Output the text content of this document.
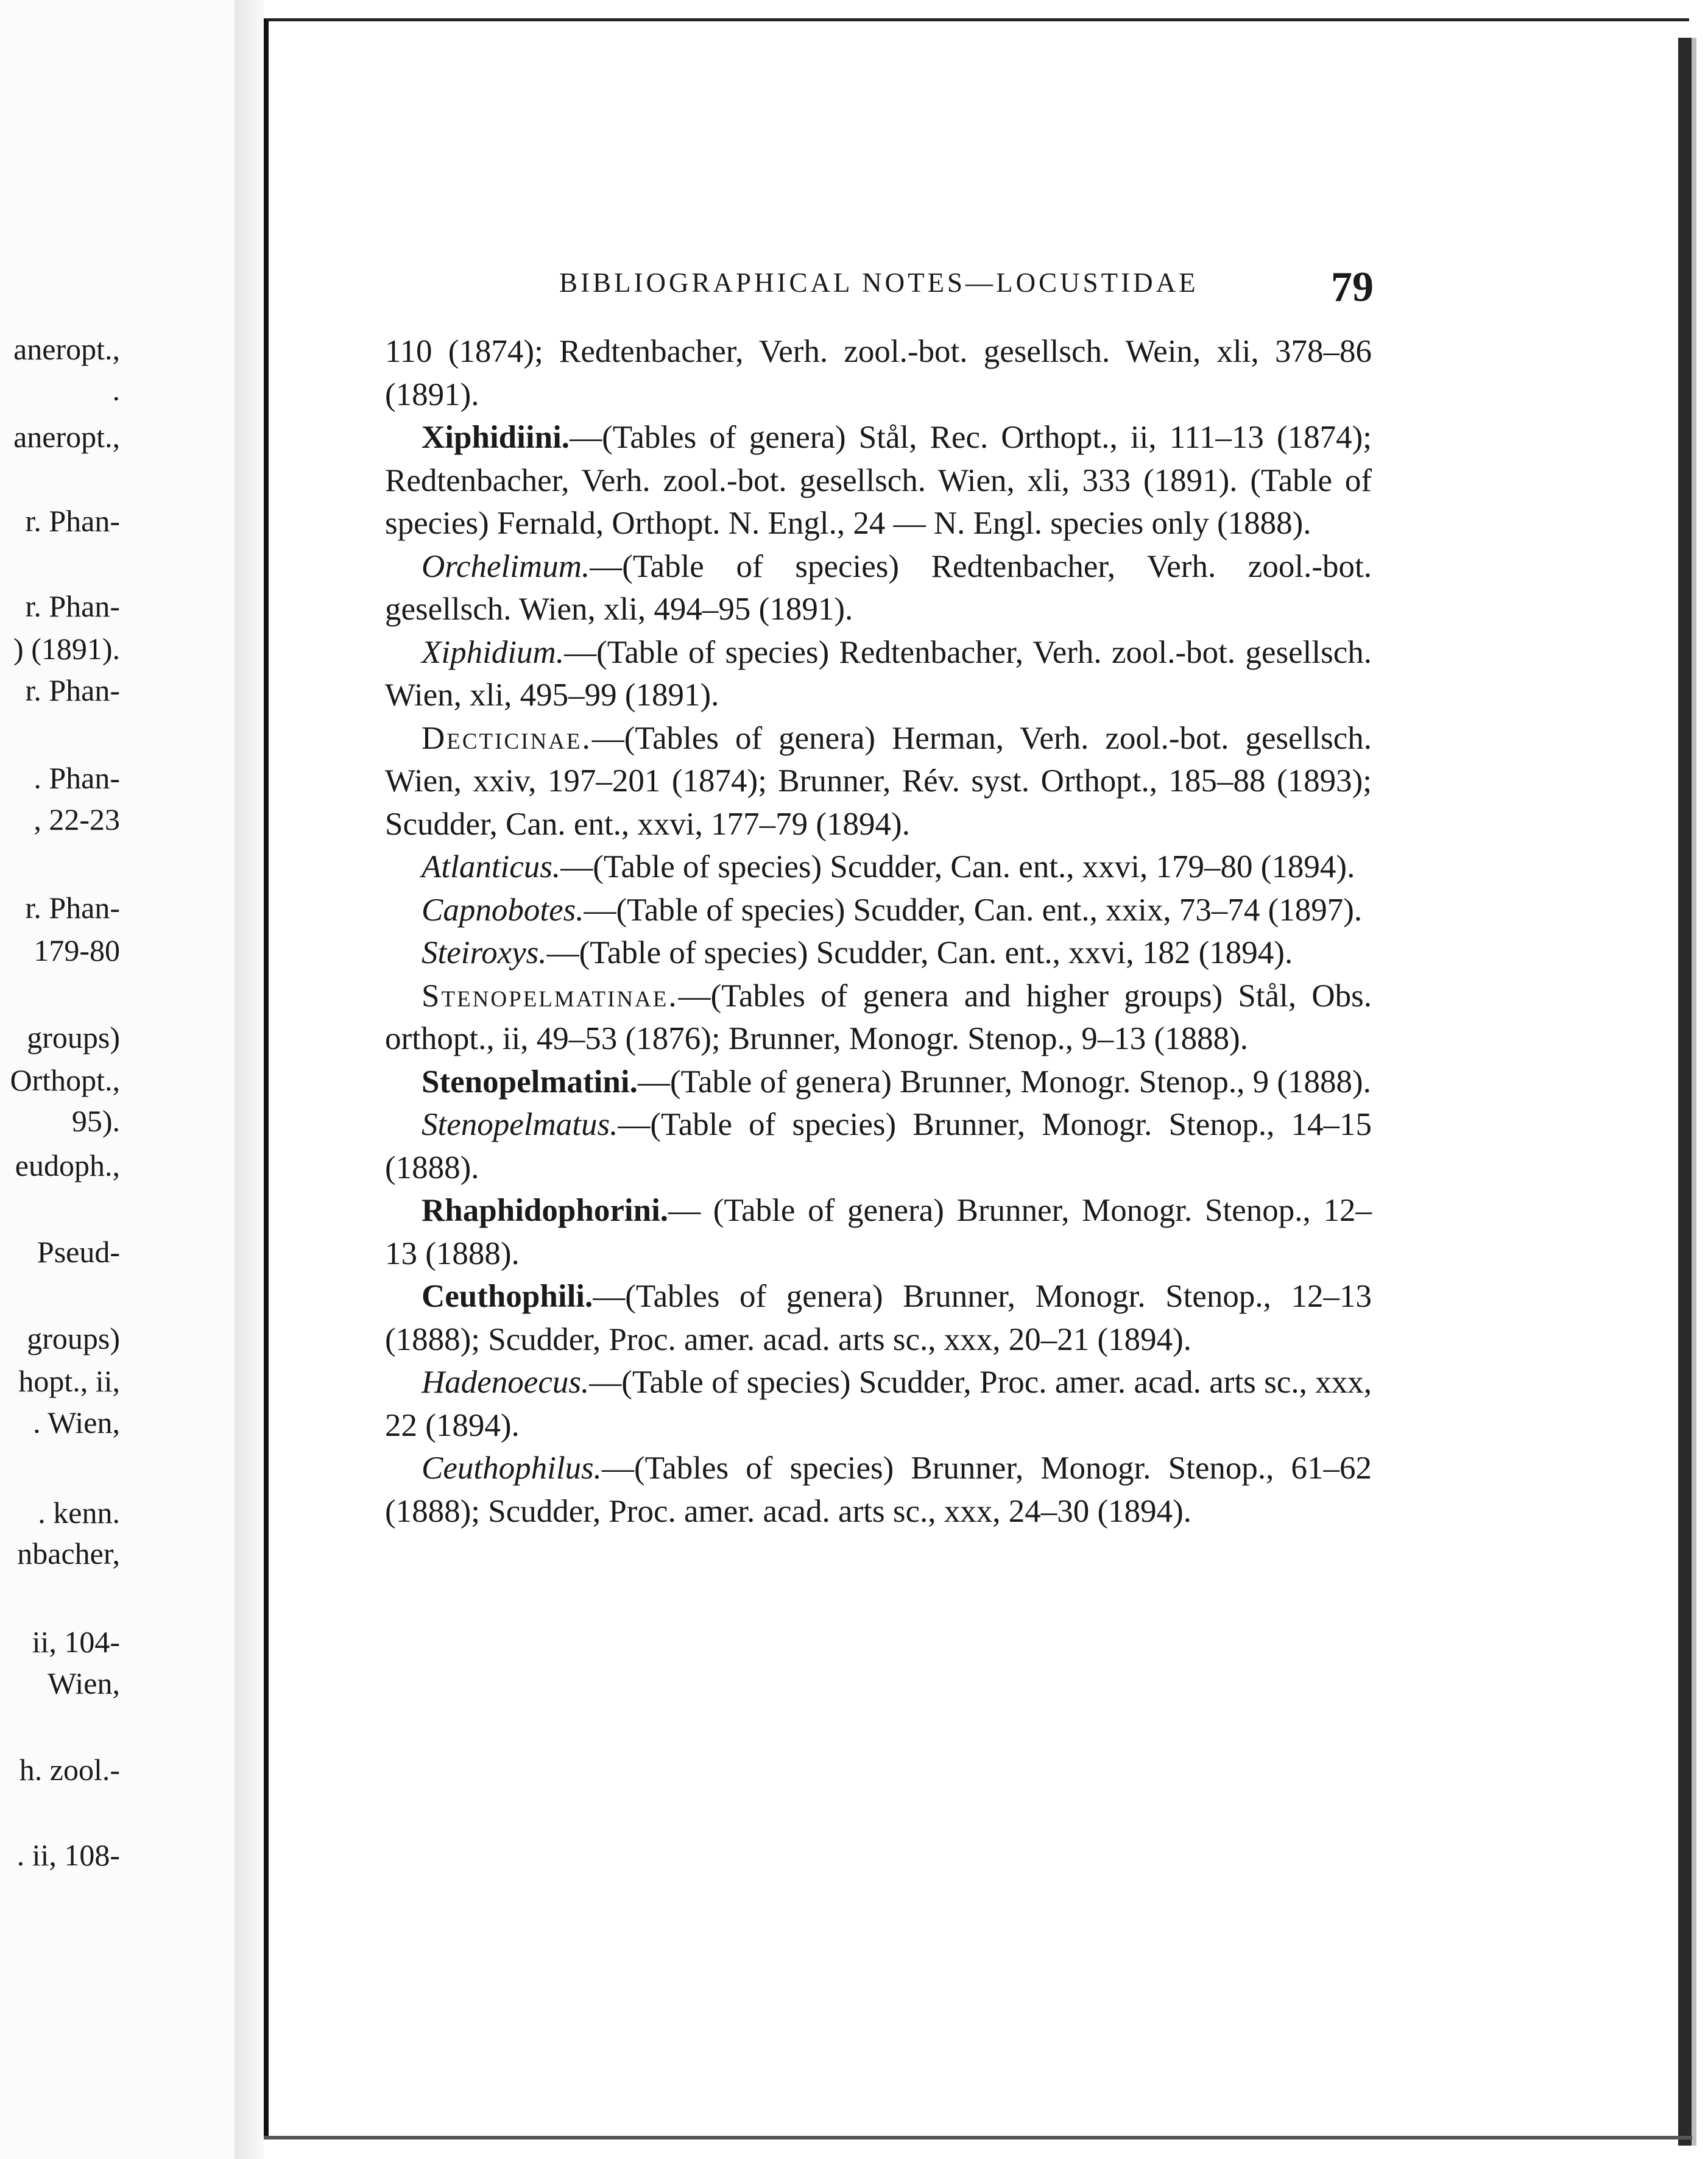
aneropt.,
.
aneropt.,
r. Phan-
r. Phan-
) (1891).
r. Phan-
. Phan-
, 22-23
r. Phan-
179-80
groups)
Orthopt.,
95).
eudoph.,
Pseud-
groups)
hopt., ii,
. Wien,
. kenn.
nbacher,
ii, 104-
Wien,
h. zool.-
. ii, 108-
BIBLIOGRAPHICAL NOTES—LOCUSTIDAE	79

110 (1874); Redtenbacher, Verh. zool.-bot. gesellsch. Wein, xli, 378–86 (1891).

Xiphidiini.—(Tables of genera) Stål, Rec. Orthopt., ii, 111–13 (1874); Redtenbacher, Verh. zool.-bot. gesellsch. Wien, xli, 333 (1891). (Table of species) Fernald, Orthopt. N. Engl., 24 — N. Engl. species only (1888).

Orchelimum.—(Table of species) Redtenbacher, Verh. zool.-bot. gesellsch. Wien, xli, 494–95 (1891).

Xiphidium.—(Table of species) Redtenbacher, Verh. zool.-bot. gesellsch. Wien, xli, 495–99 (1891).

Decticinae.—(Tables of genera) Herman, Verh. zool.-bot. gesellsch. Wien, xxiv, 197–201 (1874); Brunner, Rév. syst. Orthopt., 185–88 (1893); Scudder, Can. ent., xxvi, 177–79 (1894).

Atlanticus.—(Table of species) Scudder, Can. ent., xxvi, 179–80 (1894).

Capnobotes.—(Table of species) Scudder, Can. ent., xxix, 73–74 (1897).

Steiroxys.—(Table of species) Scudder, Can. ent., xxvi, 182 (1894).

Stenopelmatinae.—(Tables of genera and higher groups) Stål, Obs. orthopt., ii, 49–53 (1876); Brunner, Monogr. Stenop., 9–13 (1888).

Stenopelmatini.—(Table of genera) Brunner, Monogr. Stenop., 9 (1888).

Stenopelmatus.—(Table of species) Brunner, Monogr. Stenop., 14–15 (1888).

Rhaphidophorini.— (Table of genera) Brunner, Monogr. Stenop., 12–13 (1888).

Ceuthophili.—(Tables of genera) Brunner, Monogr. Stenop., 12–13 (1888); Scudder, Proc. amer. acad. arts sc., xxx, 20–21 (1894).

Hadenoecus.—(Table of species) Scudder, Proc. amer. acad. arts sc., xxx, 22 (1894).

Ceuthophilus.—(Tables of species) Brunner, Monogr. Stenop., 61–62 (1888); Scudder, Proc. amer. acad. arts sc., xxx, 24–30 (1894).
